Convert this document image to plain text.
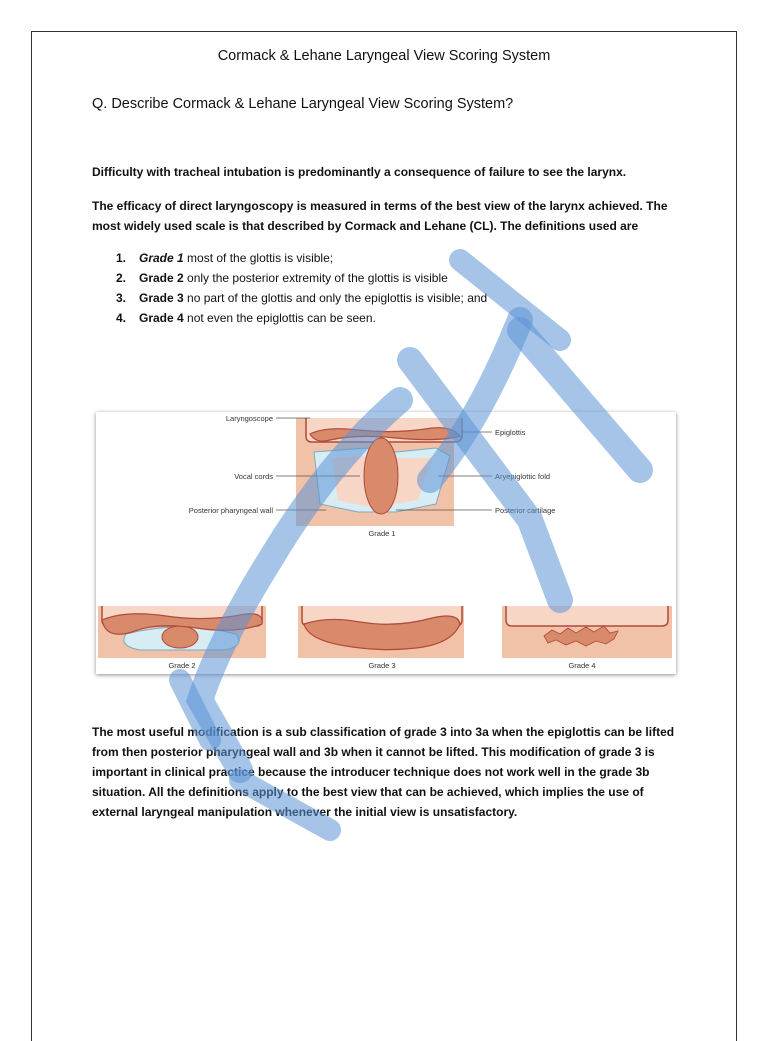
Cormack & Lehane Laryngeal View Scoring System
Q. Describe Cormack & Lehane Laryngeal View Scoring System?
Difficulty with tracheal intubation is predominantly a consequence of failure to see the larynx.
The efficacy of direct laryngoscopy is measured in terms of the best view of the larynx achieved. The most widely used scale is that described by Cormack and Lehane (CL). The definitions used are
1. Grade 1 most of the glottis is visible;
2. Grade 2 only the posterior extremity of the glottis is visible
3. Grade 3 no part of the glottis and only the epiglottis is visible; and
4. Grade 4 not even the epiglottis can be seen.
Laryngoscope
Epiglottis
Vocal cords	Aryepiglottic fold
Posterior pharyngeal wall	Posterior cartilage
Grade 1
Grade 2	Grade 3	Grade 4
The most useful modification is a sub classification of grade 3 into 3a when the epiglottis can be lifted from then posterior pharyngeal wall and 3b when it cannot be lifted. This modification of grade 3 is important in clinical practice because the introducer technique does not work well in the grade 3b situation. All the definitions apply to the best view that can be achieved, which implies the use of external laryngeal manipulation whenever the initial view is unsatisfactory.
